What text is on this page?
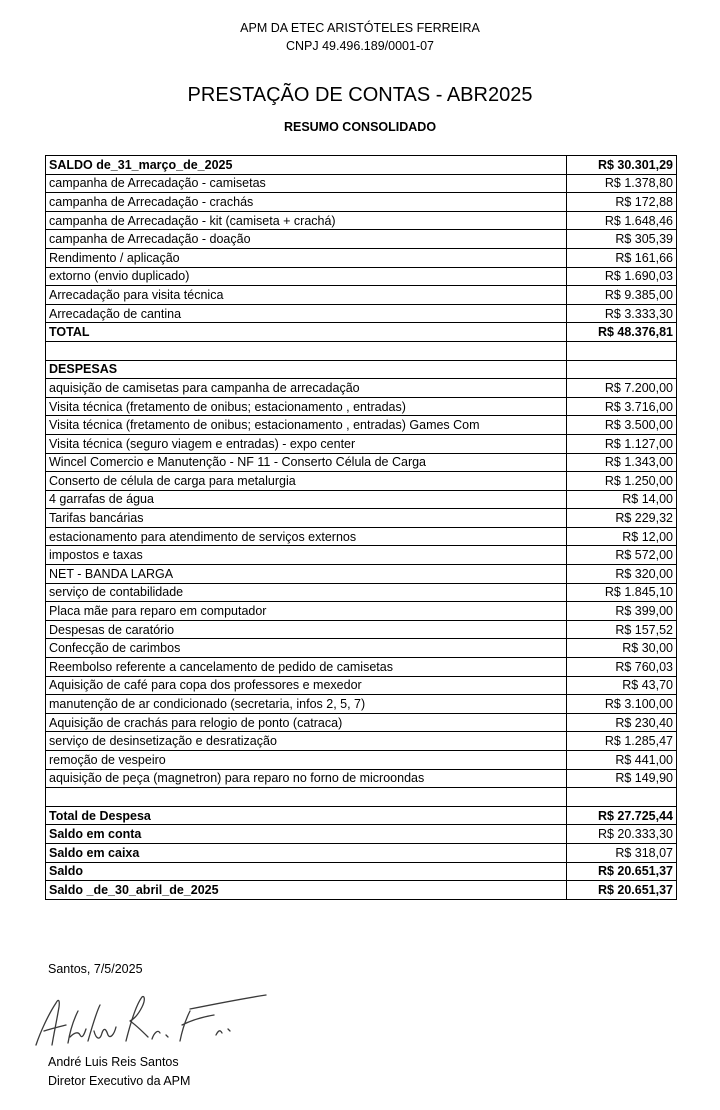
APM DA ETEC ARISTÓTELES FERREIRA
CNPJ 49.496.189/0001-07
PRESTAÇÃO DE CONTAS - ABR2025
RESUMO CONSOLIDADO
SALDO de_31_março_de_2025	R$ 30.301,29
campanha de Arrecadação - camisetas	R$ 1.378,80
campanha de Arrecadação - crachás	R$ 172,88
campanha de Arrecadação - kit (camiseta + crachá)	R$ 1.648,46
campanha de Arrecadação - doação	R$ 305,39
Rendimento / aplicação	R$ 161,66
extorno (envio duplicado)	R$ 1.690,03
Arrecadação para visita técnica	R$ 9.385,00
Arrecadação de cantina	R$ 3.333,30
TOTAL	R$ 48.376,81

DESPESAS	
aquisição de camisetas para campanha de arrecadação	R$ 7.200,00
Visita técnica (fretamento de onibus; estacionamento , entradas)	R$ 3.716,00
Visita técnica (fretamento de onibus; estacionamento , entradas) Games Com	R$ 3.500,00
Visita técnica (seguro viagem e entradas) - expo center	R$ 1.127,00
Wincel Comercio e Manutenção - NF 11 - Conserto Célula de Carga	R$ 1.343,00
Conserto de célula de carga para metalurgia	R$ 1.250,00
4 garrafas de água	R$ 14,00
Tarifas bancárias	R$ 229,32
estacionamento para atendimento de serviços externos	R$ 12,00
impostos e taxas	R$ 572,00
NET - BANDA LARGA	R$ 320,00
serviço de contabilidade	R$ 1.845,10
Placa mãe para reparo em computador	R$ 399,00
Despesas de caratório	R$ 157,52
Confecção de carimbos	R$ 30,00
Reembolso referente a cancelamento de pedido de camisetas	R$ 760,03
Aquisição de café para copa dos professores e mexedor	R$ 43,70
manutenção de ar condicionado (secretaria, infos 2, 5, 7)	R$ 3.100,00
Aquisição de crachás para relogio de ponto (catraca)	R$ 230,40
serviço de desinsetização e desratização	R$ 1.285,47
remoção de vespeiro	R$ 441,00
aquisição de peça (magnetron) para reparo no forno de microondas	R$ 149,90

Total de Despesa	R$ 27.725,44
Saldo em conta	R$ 20.333,30
Saldo em caixa	R$ 318,07
Saldo	R$ 20.651,37
Saldo _de_30_abril_de_2025	R$ 20.651,37
Santos, 7/5/2025
André Luis Reis Santos
Diretor Executivo da APM
